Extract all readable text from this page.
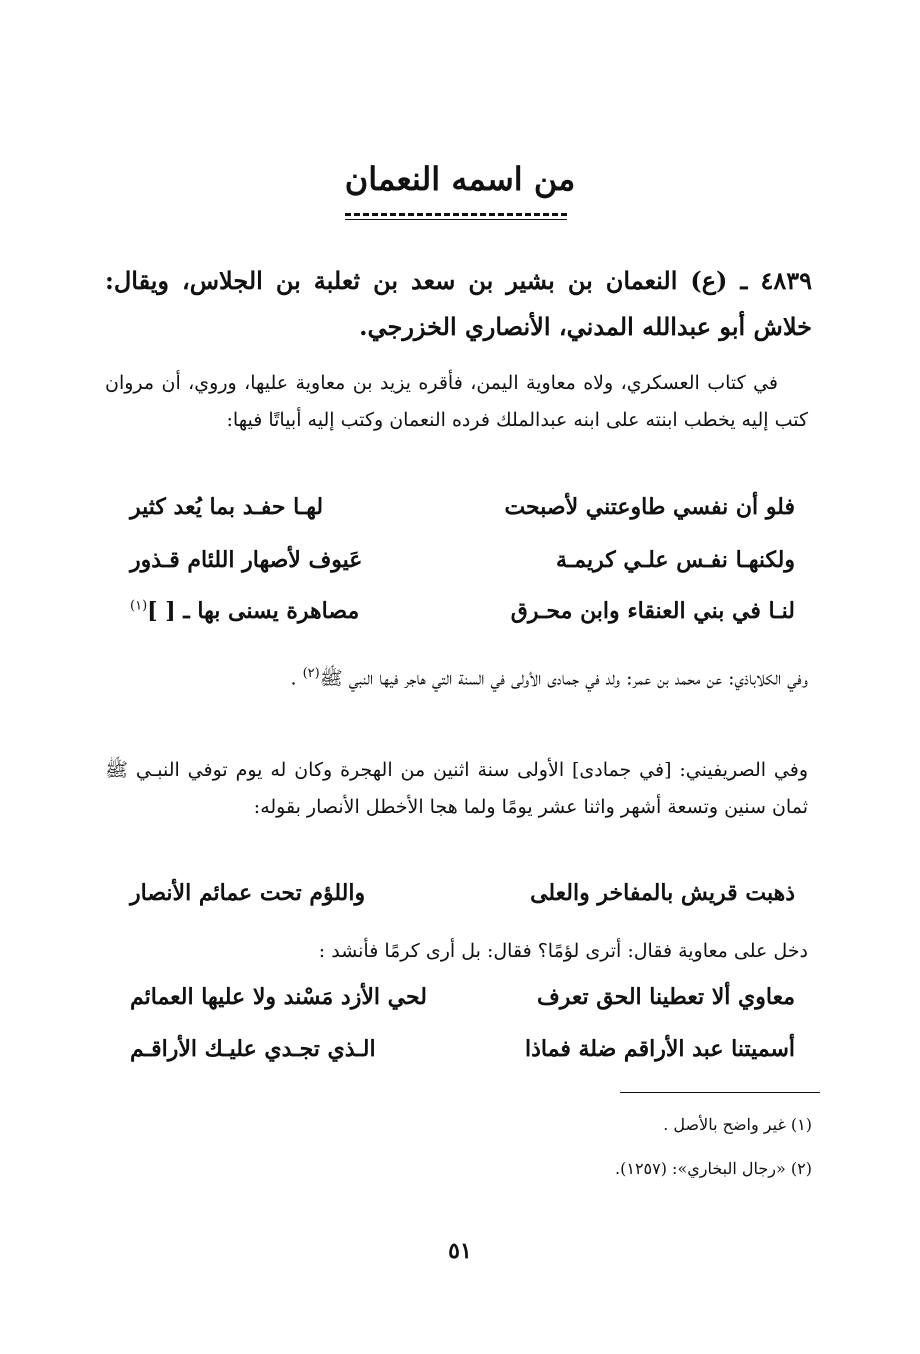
من اسمه النعمان
٤٨٣٩ ـ (ع) النعمان بن بشير بن سعد بن ثعلبة بن الجلاس، ويقال: خلاش أبو عبدالله المدني، الأنصاري الخزرجي.
في كتاب العسكري، ولاه معاوية اليمن، فأقره يزيد بن معاوية عليها، وروي، أن مروان كتب إليه يخطب ابنته على ابنه عبدالملك فرده النعمان وكتب إليه أبياتًا فيها:
فلو أن نفسي طاوعتني لأصبحت
لهـا حفـد بما يُعد كثير
ولكنهـا نفـس علـي كريمـة
عَيوف لأصهار اللئام قـذور
لنـا في بني العنقاء وابن محـرق
مصاهرة يسنى بها ـ [ ]$^{(١)}$
وفي الكلاباذي: عن محمد بن عمر: ولد في جمادى الأولى في السنة التي هاجر فيها النبي ﷺ$^{(٢)}$ .
وفي الصريفيني: [في جمادى] الأولى سنة اثنين من الهجرة وكان له يوم توفي النبـي ﷺ ثمان سنين وتسعة أشهر واثنا عشر يومًا ولما هجا الأخطل الأنصار بقوله:
ذهبت قريش بالمفاخر والعلى
واللؤم تحت عمائم الأنصار
دخل على معاوية فقال: أترى لؤمًا؟ فقال: بل أرى كرمًا فأنشد :
معاوي ألا تعطينا الحق تعرف
لحي الأزد مَسْند ولا عليها العمائم
أسميتنا عبد الأراقم ضلة فماذا
الـذي تجـدي عليـك الأراقـم
(١) غير واضح بالأصل .
(٢) «رجال البخاري»: (١٢٥٧).
٥١
